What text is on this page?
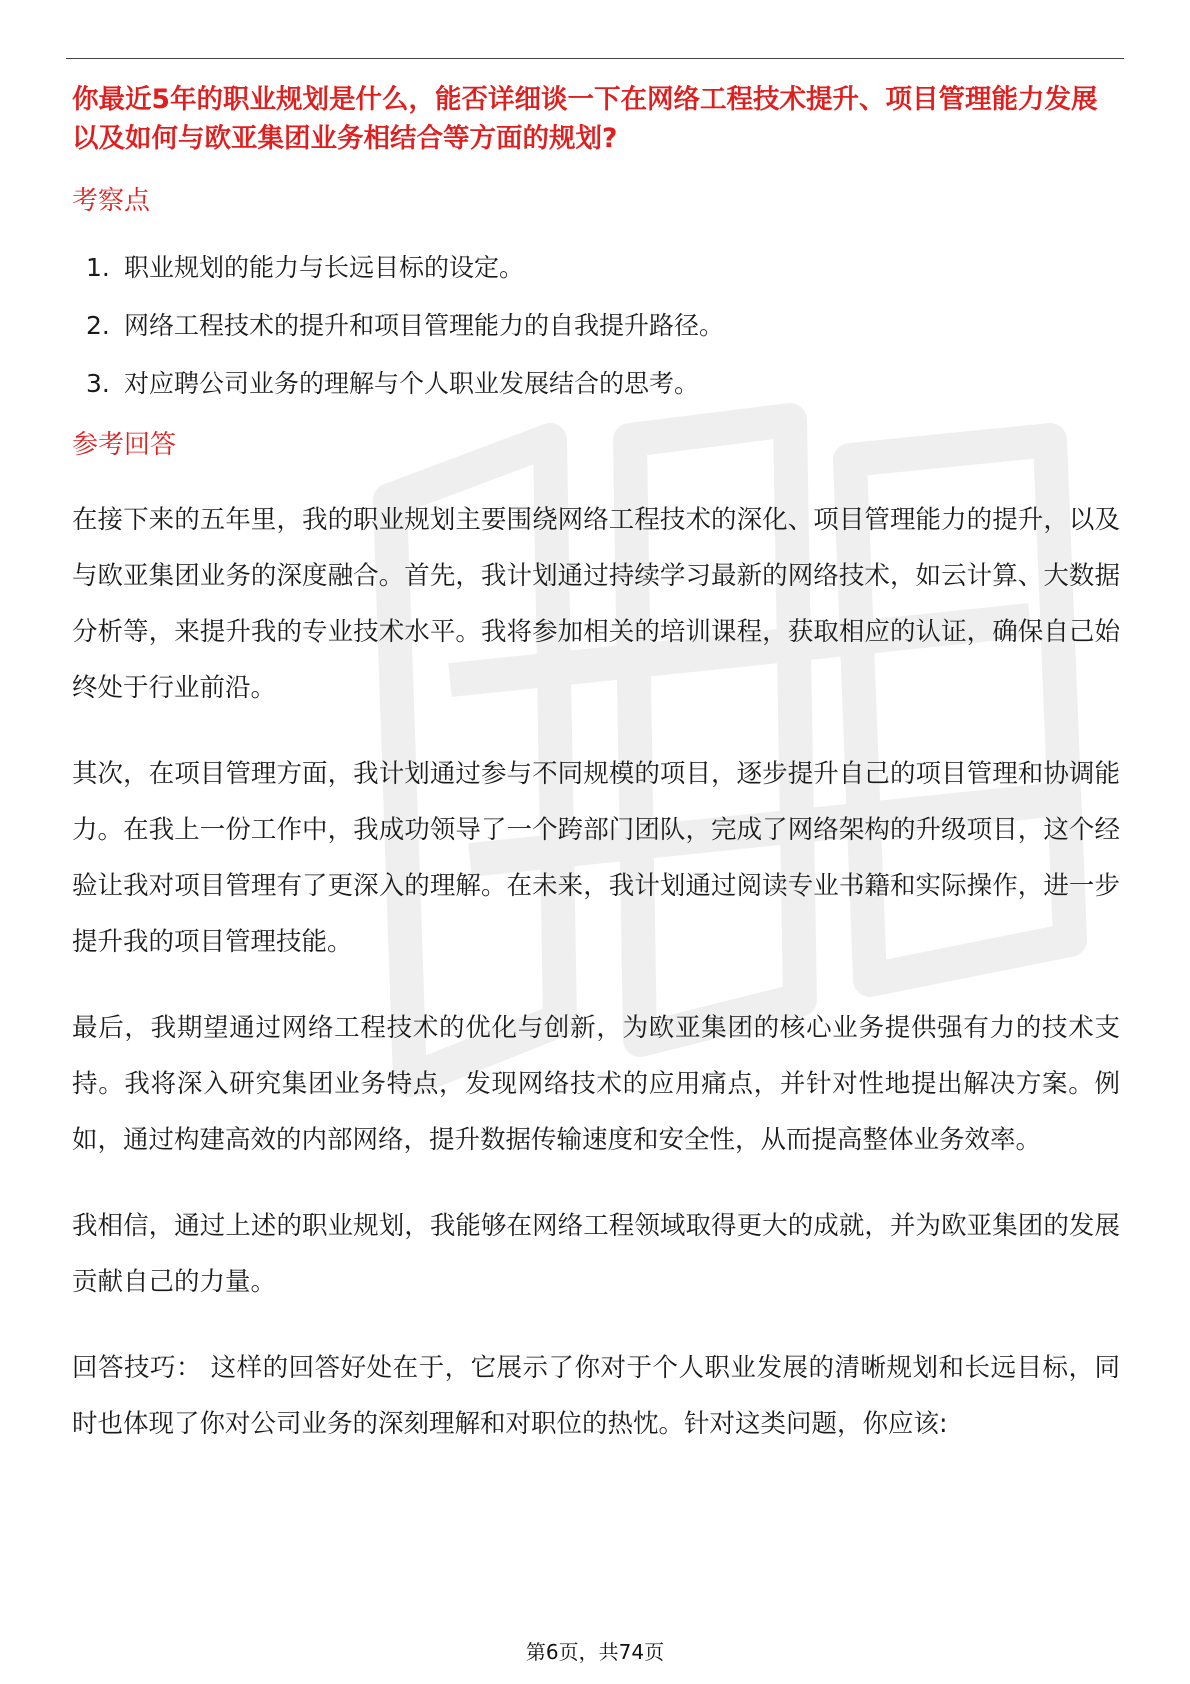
你最近5年的职业规划是什么，能否详细谈一下在网络工程技术提升、项目管理能力发展以及如何与欧亚集团业务相结合等方面的规划?

考察点

1. 职业规划的能力与长远目标的设定。
2. 网络工程技术的提升和项目管理能力的自我提升路径。
3. 对应聘公司业务的理解与个人职业发展结合的思考。

参考回答

在接下来的五年里，我的职业规划主要围绕网络工程技术的深化、项目管理能力的提升，以及与欧亚集团业务的深度融合。首先，我计划通过持续学习最新的网络技术，如云计算、大数据分析等，来提升我的专业技术水平。我将参加相关的培训课程，获取相应的认证，确保自己始终处于行业前沿。

其次，在项目管理方面，我计划通过参与不同规模的项目，逐步提升自己的项目管理和协调能力。在我上一份工作中，我成功领导了一个跨部门团队，完成了网络架构的升级项目，这个经验让我对项目管理有了更深入的理解。在未来，我计划通过阅读专业书籍和实际操作，进一步提升我的项目管理技能。

最后，我期望通过网络工程技术的优化与创新，为欧亚集团的核心业务提供强有力的技术支持。我将深入研究集团业务特点，发现网络技术的应用痛点，并针对性地提出解决方案。例如，通过构建高效的内部网络，提升数据传输速度和安全性，从而提高整体业务效率。

我相信，通过上述的职业规划，我能够在网络工程领域取得更大的成就，并为欧亚集团的发展贡献自己的力量。

回答技巧： 这样的回答好处在于，它展示了你对于个人职业发展的清晰规划和长远目标，同时也体现了你对公司业务的深刻理解和对职位的热忱。针对这类问题，你应该:

第6页，共74页
